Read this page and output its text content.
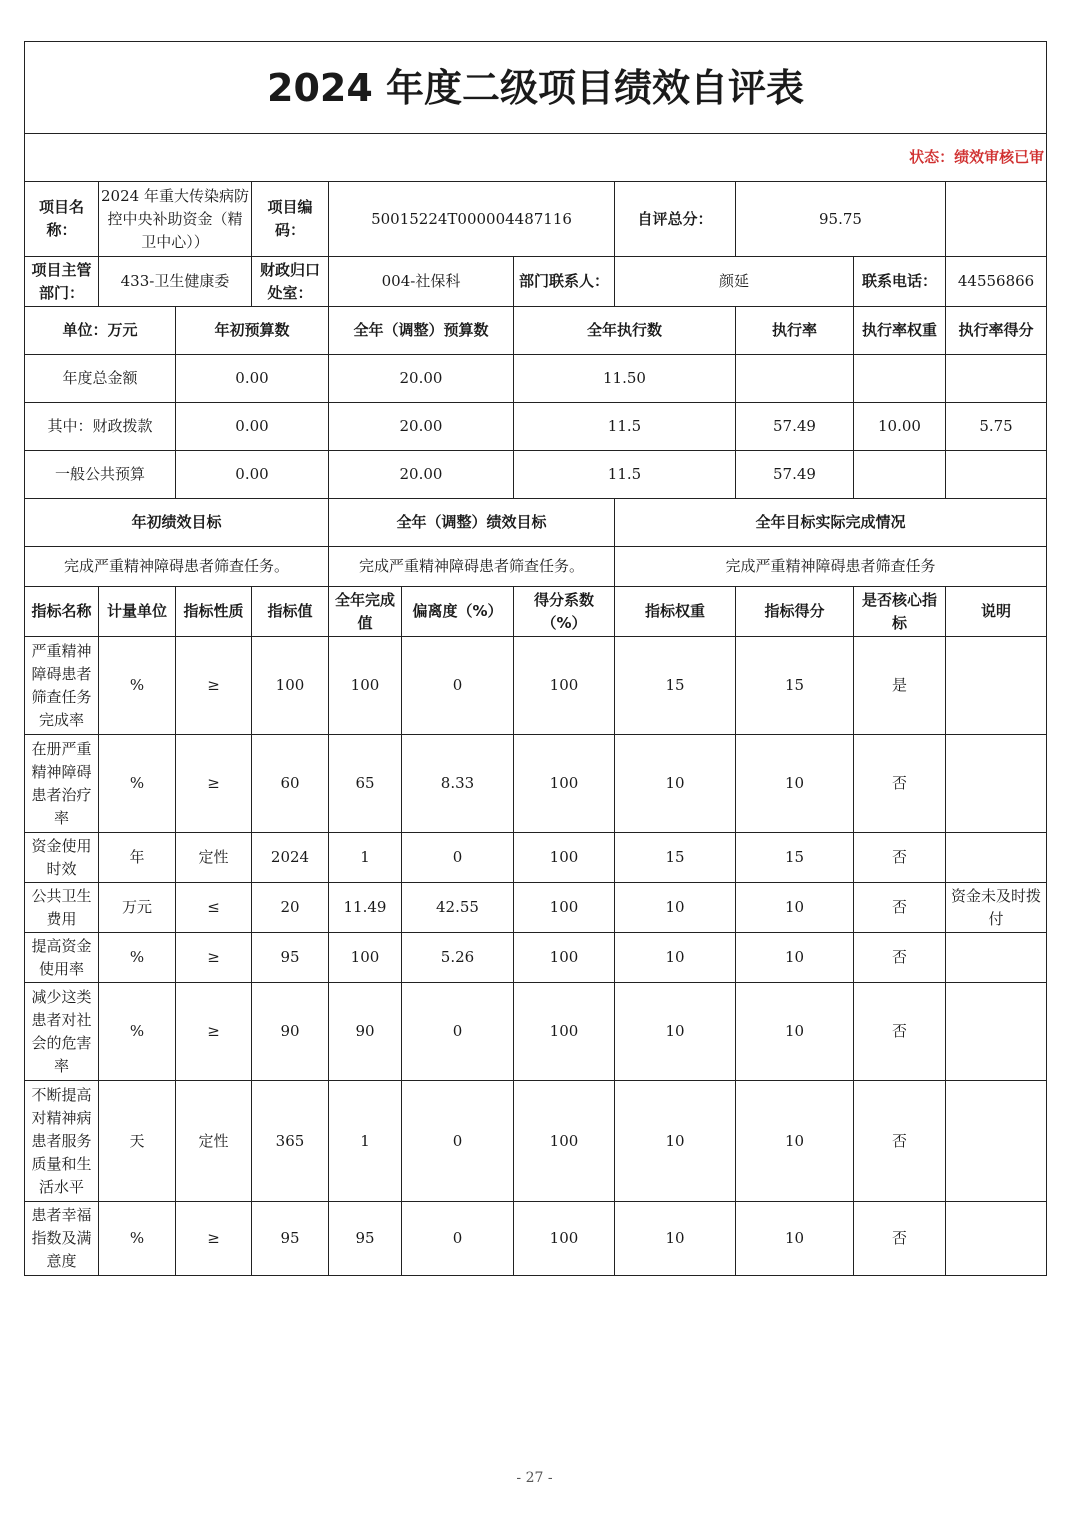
2024 年度二级项目绩效自评表										
状态：绩效审核已审										
项目名称：	2024 年重大传染病防控中央补助资金（精卫中心））		项目编码：	50015224T000004487116			自评总分：	95.75		
项目主管部门：	433-卫生健康委		财政归口处室：	004-社保科		部门联系人：	颜延		联系电话：	44556866
单位：万元		年初预算数		全年（调整）预算数		全年执行数		执行率	执行率权重	执行率得分
年度总金额		0.00		20.00		11.50				
其中：财政拨款		0.00		20.00		11.5		57.49	10.00	5.75
一般公共预算		0.00		20.00		11.5		57.49		
年初绩效目标				全年（调整）绩效目标			全年目标实际完成情况			
完成严重精神障碍患者筛查任务。				完成严重精神障碍患者筛查任务。			完成严重精神障碍患者筛查任务			
指标名称	计量单位	指标性质	指标值	全年完成值	偏离度（%）	得分系数（%）	指标权重	指标得分	是否核心指标	说明
严重精神障碍患者筛查任务完成率	%	≥	100	100	0	100	15	15	是	
在册严重精神障碍患者治疗率	%	≥	60	65	8.33	100	10	10	否	
资金使用时效	年	定性	2024	1	0	100	15	15	否	
公共卫生费用	万元	≤	20	11.49	42.55	100	10	10	否	资金未及时拨付
提高资金使用率	%	≥	95	100	5.26	100	10	10	否	
减少这类患者对社会的危害率	%	≥	90	90	0	100	10	10	否	
不断提高对精神病患者服务质量和生活水平	天	定性	365	1	0	100	10	10	否	
患者幸福指数及满意度	%	≥	95	95	0	100	10	10	否	
- 27 -
